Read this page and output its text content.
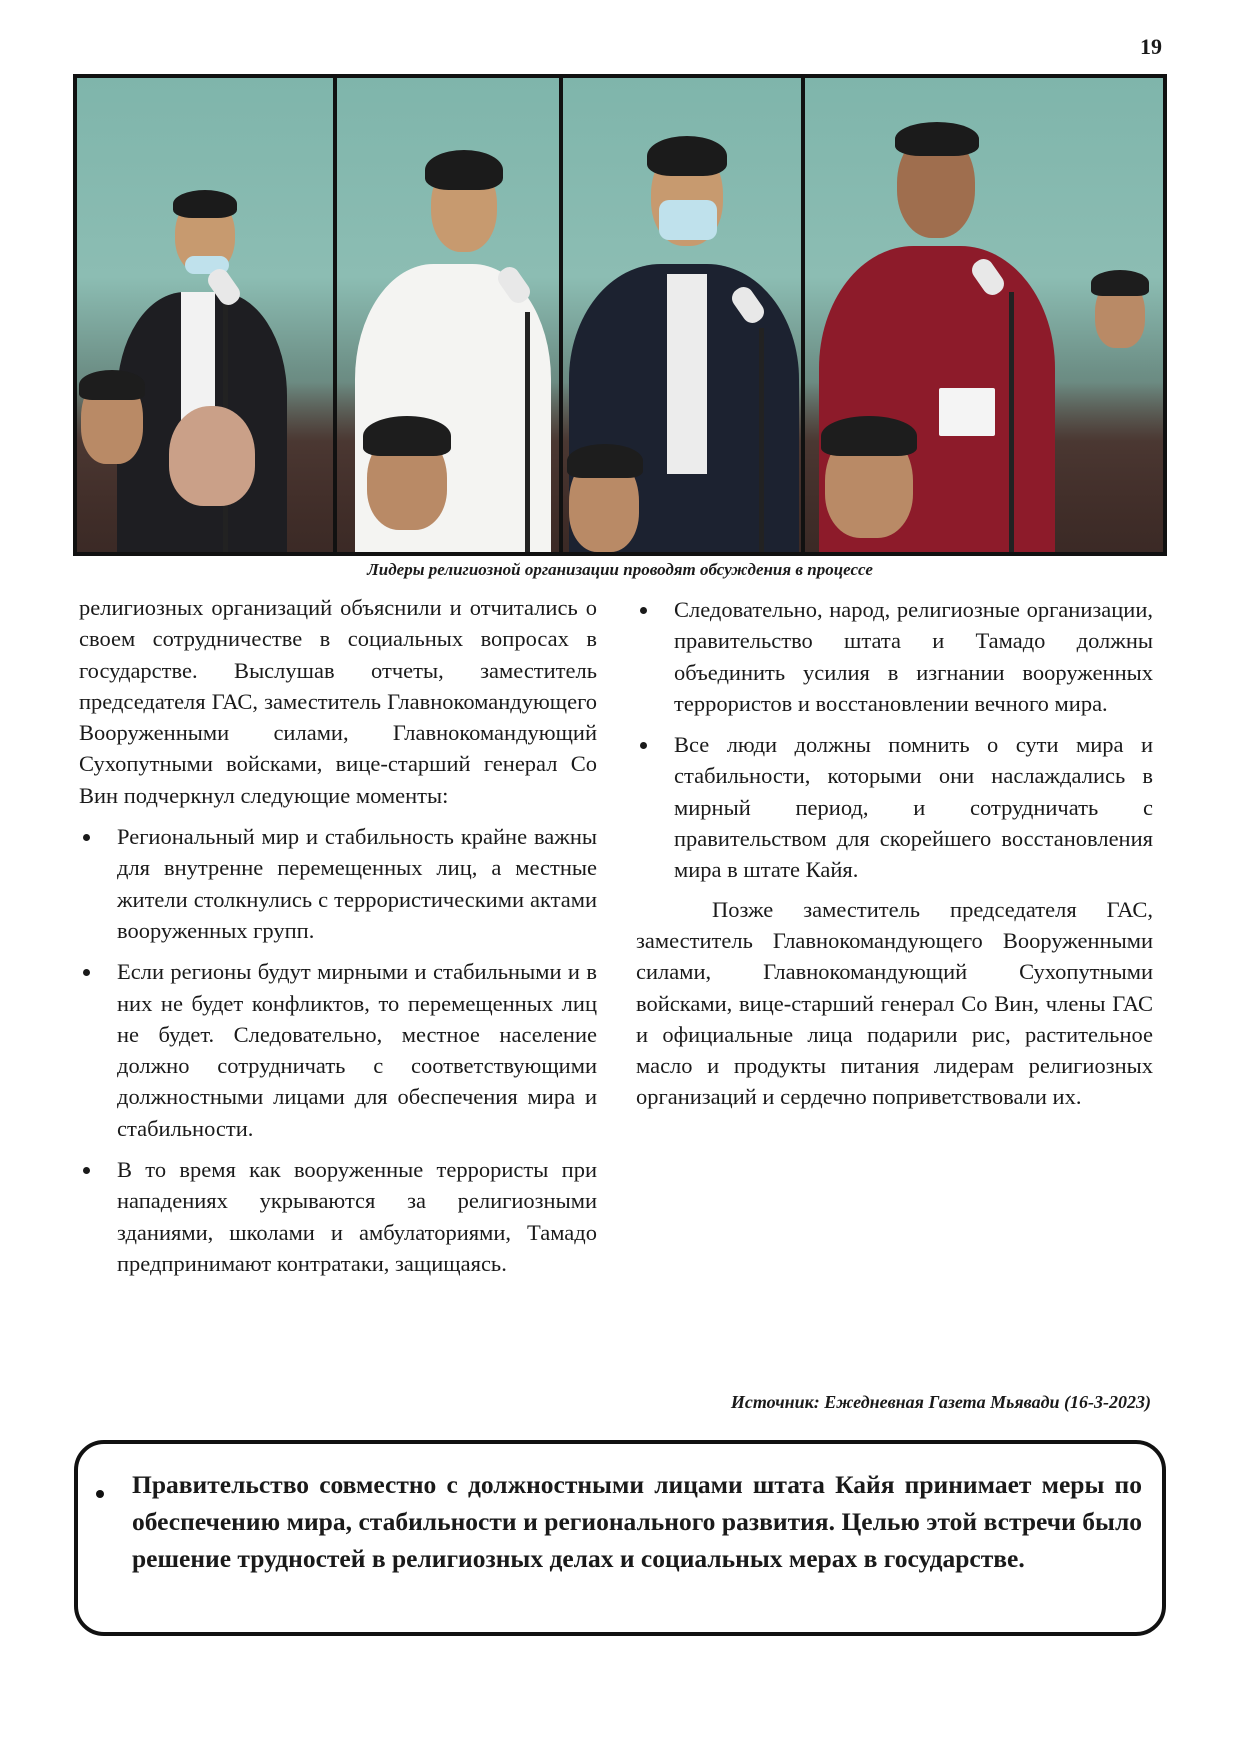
19
Лидеры религиозной организации проводят обсуждения в процессе

религиозных организаций объяснили и отчитались о своем сотрудничестве в социальных вопросах в государстве. Выслушав отчеты, заместитель председателя ГАС, заместитель Главнокомандующего Вооруженными силами, Главнокомандующий Сухопутными войсками, вице-старший генерал Со Вин подчеркнул следующие моменты:

Региональный мир и стабильность крайне важны для внутренне перемещенных лиц, а местные жители столкнулись с террористическими актами вооруженных групп.
Если регионы будут мирными и стабильными и в них не будет конфликтов, то перемещенных лиц не будет. Следовательно, местное население должно сотрудничать с соответствующими должностными лицами для обеспечения мира и стабильности.
В то время как вооруженные террористы при нападениях укрываются за религиозными зданиями, школами и амбулаториями, Тамадо предпринимают контратаки, защищаясь.
Следовательно, народ, религиозные организации, правительство штата и Тамадо должны объединить усилия в изгнании вооруженных террористов и восстановлении вечного мира.
Все люди должны помнить о сути мира и стабильности, которыми они наслаждались в мирный период, и сотрудничать с правительством для скорейшего восстановления мира в штате Кайя.

Позже заместитель председателя ГАС, заместитель Главнокомандующего Вооруженными силами, Главнокомандующий Сухопутными войсками, вице-старший генерал Со Вин, члены ГАС и официальные лица подарили рис, растительное масло и продукты питания лидерам религиозных организаций и сердечно поприветствовали их.

Источник: Ежедневная Газета Мьявади (16-3-2023)
Правительство совместно с должностными лицами штата Кайя принимает меры по обеспечению мира, стабильности и регионального развития. Целью этой встречи было решение трудностей в религиозных делах и социальных мерах в государстве.
